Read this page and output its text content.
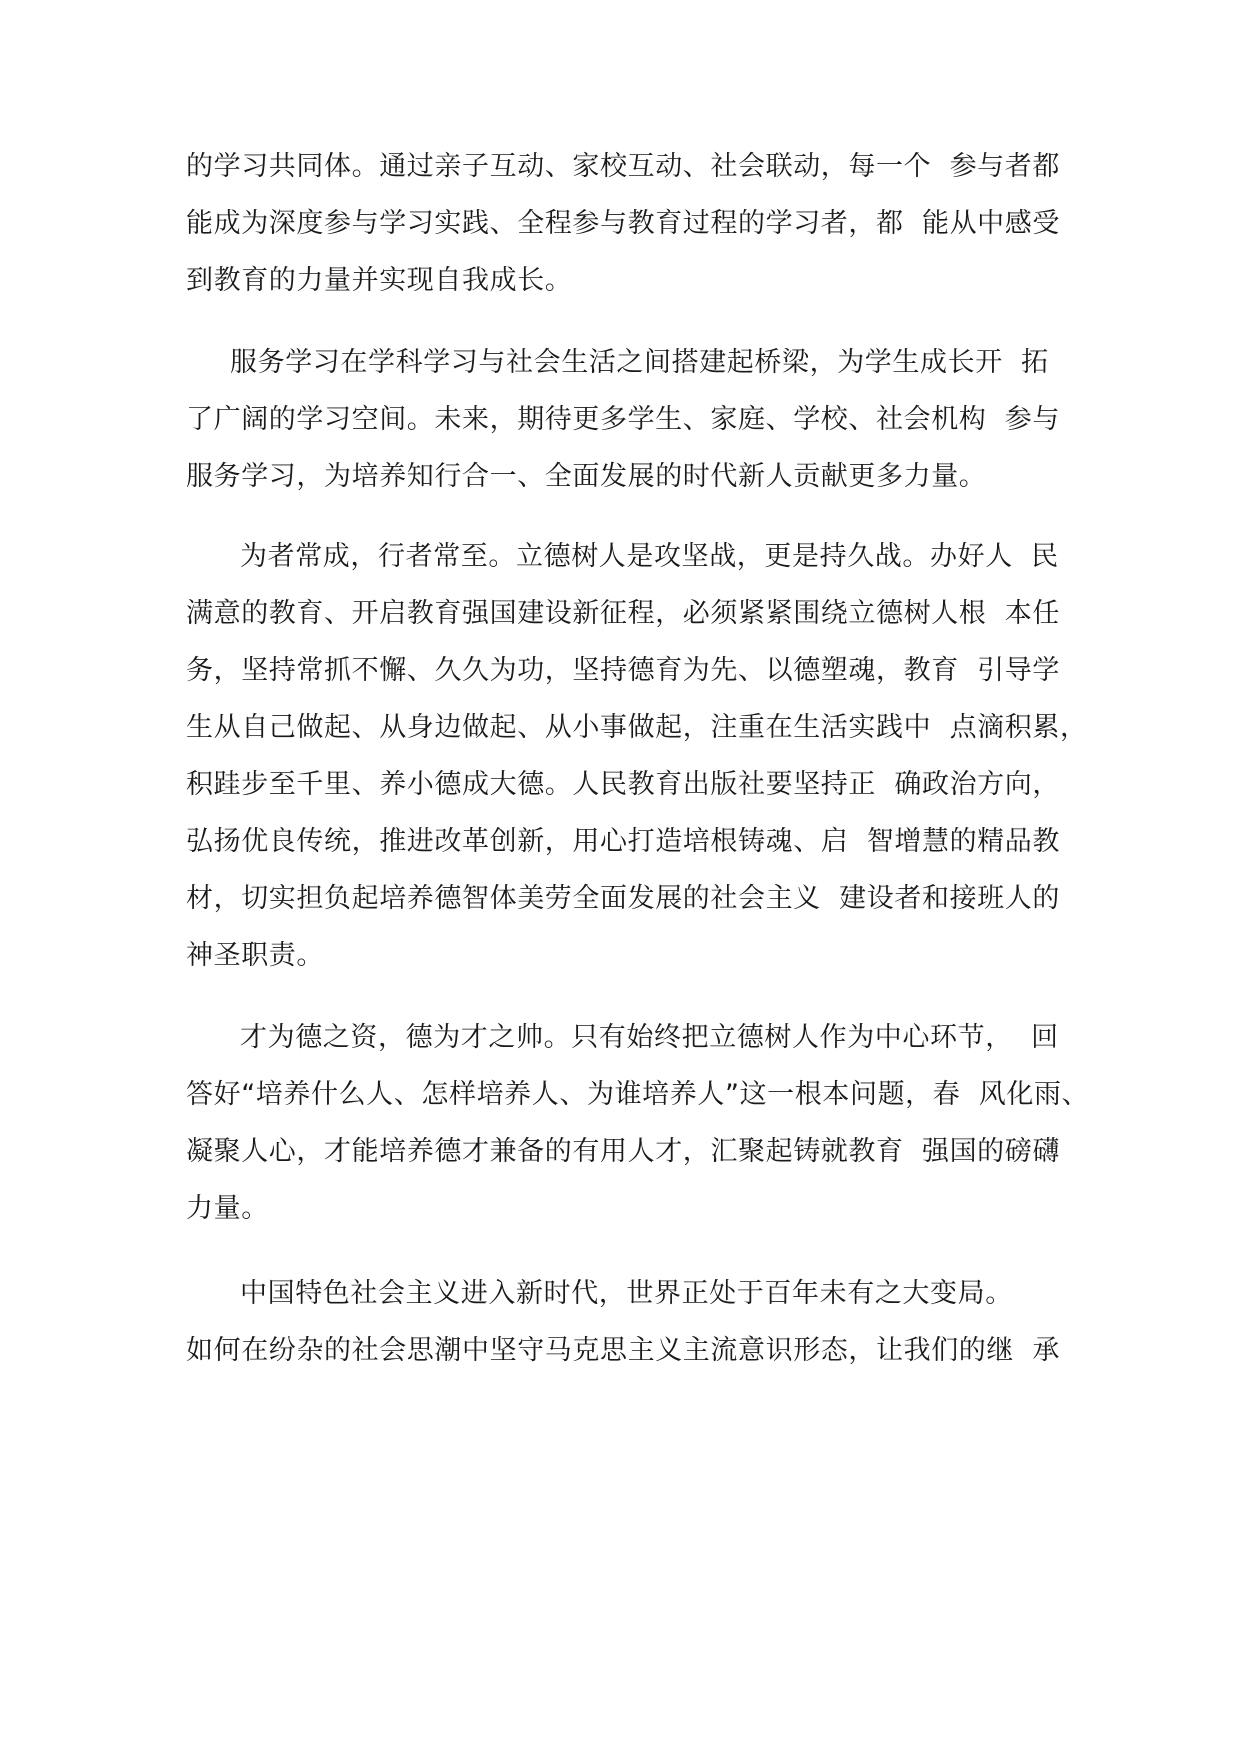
的学习共同体。通过亲子互动、家校互动、社会联动，每一个  参与者都
能成为深度参与学习实践、全程参与教育过程的学习者，都  能从中感受
到教育的力量并实现自我成长。
服务学习在学科学习与社会生活之间搭建起桥梁，为学生成长开  拓
了广阔的学习空间。未来，期待更多学生、家庭、学校、社会机构  参与
服务学习，为培养知行合一、全面发展的时代新人贡献更多力量。
为者常成，行者常至。立德树人是攻坚战，更是持久战。办好人  民
满意的教育、开启教育强国建设新征程，必须紧紧围绕立德树人根  本任
务，坚持常抓不懈、久久为功，坚持德育为先、以德塑魂，教育  引导学
生从自己做起、从身边做起、从小事做起，注重在生活实践中  点滴积累，
积跬步至千里、养小德成大德。人民教育出版社要坚持正  确政治方向，
弘扬优良传统，推进改革创新，用心打造培根铸魂、启  智增慧的精品教
材，切实担负起培养德智体美劳全面发展的社会主义  建设者和接班人的
神圣职责。
才为德之资，德为才之帅。只有始终把立德树人作为中心环节，  回
答好“培养什么人、怎样培养人、为谁培养人”这一根本问题，春  风化雨、
凝聚人心，才能培养德才兼备的有用人才，汇聚起铸就教育  强国的磅礴
力量。
中国特色社会主义进入新时代，世界正处于百年未有之大变局。
如何在纷杂的社会思潮中坚守马克思主义主流意识形态，让我们的继  承
